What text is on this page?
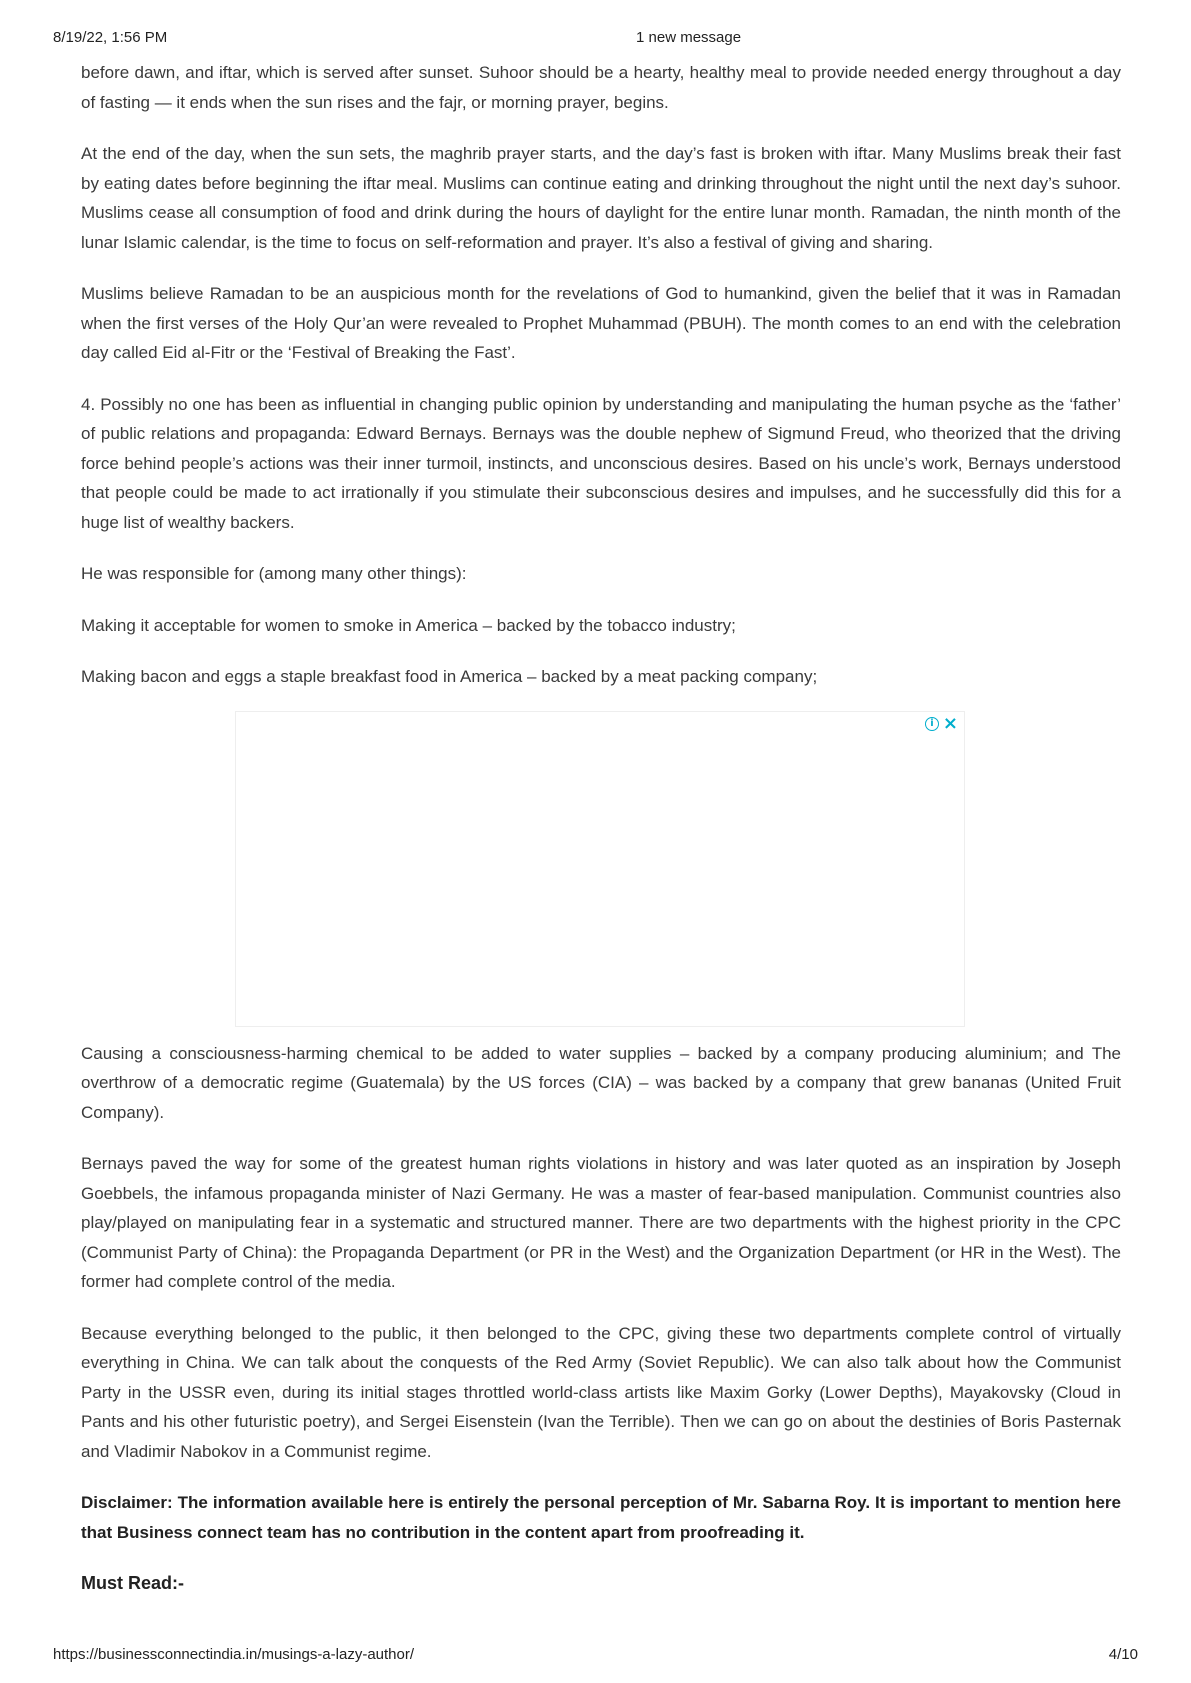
8/19/22, 1:56 PM	1 new message

before dawn, and iftar, which is served after sunset. Suhoor should be a hearty, healthy meal to provide needed energy throughout a day of fasting — it ends when the sun rises and the fajr, or morning prayer, begins.

At the end of the day, when the sun sets, the maghrib prayer starts, and the day’s fast is broken with iftar. Many Muslims break their fast by eating dates before beginning the iftar meal. Muslims can continue eating and drinking throughout the night until the next day’s suhoor. Muslims cease all consumption of food and drink during the hours of daylight for the entire lunar month. Ramadan, the ninth month of the lunar Islamic calendar, is the time to focus on self-reformation and prayer. It’s also a festival of giving and sharing.

Muslims believe Ramadan to be an auspicious month for the revelations of God to humankind, given the belief that it was in Ramadan when the first verses of the Holy Qur’an were revealed to Prophet Muhammad (PBUH). The month comes to an end with the celebration day called Eid al-Fitr or the ‘Festival of Breaking the Fast’.

4. Possibly no one has been as influential in changing public opinion by understanding and manipulating the human psyche as the ‘father’ of public relations and propaganda: Edward Bernays. Bernays was the double nephew of Sigmund Freud, who theorized that the driving force behind people’s actions was their inner turmoil, instincts, and unconscious desires. Based on his uncle’s work, Bernays understood that people could be made to act irrationally if you stimulate their subconscious desires and impulses, and he successfully did this for a huge list of wealthy backers.

He was responsible for (among many other things):

Making it acceptable for women to smoke in America – backed by the tobacco industry;

Making bacon and eggs a staple breakfast food in America – backed by a meat packing company;

i ×

Causing a consciousness-harming chemical to be added to water supplies – backed by a company producing aluminium; and The overthrow of a democratic regime (Guatemala) by the US forces (CIA) – was backed by a company that grew bananas (United Fruit Company).

Bernays paved the way for some of the greatest human rights violations in history and was later quoted as an inspiration by Joseph Goebbels, the infamous propaganda minister of Nazi Germany. He was a master of fear-based manipulation. Communist countries also play/played on manipulating fear in a systematic and structured manner. There are two departments with the highest priority in the CPC (Communist Party of China): the Propaganda Department (or PR in the West) and the Organization Department (or HR in the West). The former had complete control of the media.

Because everything belonged to the public, it then belonged to the CPC, giving these two departments complete control of virtually everything in China. We can talk about the conquests of the Red Army (Soviet Republic). We can also talk about how the Communist Party in the USSR even, during its initial stages throttled world-class artists like Maxim Gorky (Lower Depths), Mayakovsky (Cloud in Pants and his other futuristic poetry), and Sergei Eisenstein (Ivan the Terrible). Then we can go on about the destinies of Boris Pasternak and Vladimir Nabokov in a Communist regime.

Disclaimer: The information available here is entirely the personal perception of Mr. Sabarna Roy. It is important to mention here that Business connect team has no contribution in the content apart from proofreading it.

Must Read:-
https://businessconnectindia.in/musings-a-lazy-author/	4/10
